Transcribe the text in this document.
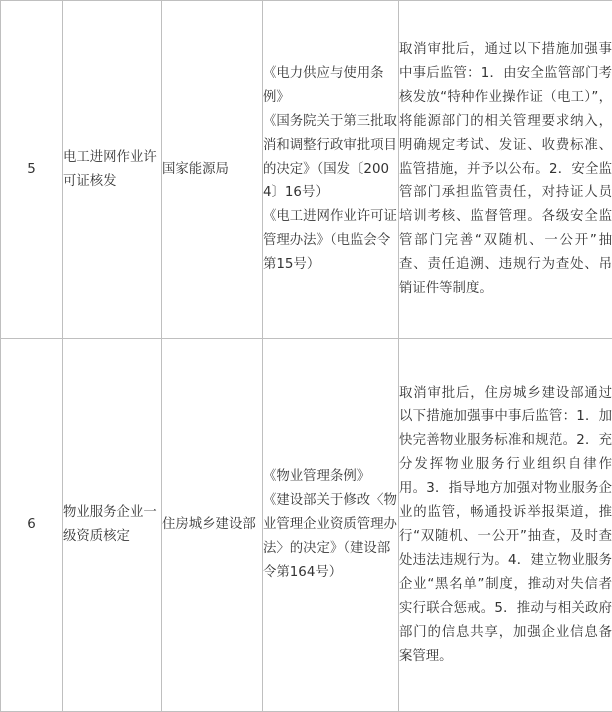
5	电工进网作业许可证核发	国家能源局	《电力供应与使用条例》
《国务院关于第三批取消和调整行政审批项目的决定》（国发〔2004〕16号）
《电工进网作业许可证管理办法》（电监会令第15号）	取消审批后，通过以下措施加强事中事后监管：1．由安全监管部门考核发放“特种作业操作证（电工）”，将能源部门的相关管理要求纳入，明确规定考试、发证、收费标准、监管措施，并予以公布。2．安全监管部门承担监管责任，对持证人员培训考核、监督管理。各级安全监管部门完善“双随机、一公开”抽查、责任追溯、违规行为查处、吊销证件等制度。

6	物业服务企业一级资质核定	住房城乡建设部	《物业管理条例》
《建设部关于修改〈物业管理企业资质管理办法〉的决定》（建设部令第164号）	取消审批后，住房城乡建设部通过以下措施加强事中事后监管：1．加快完善物业服务标准和规范。2．充分发挥物业服务行业组织自律作用。3．指导地方加强对物业服务企业的监管，畅通投诉举报渠道，推行“双随机、一公开”抽查，及时查处违法违规行为。4．建立物业服务企业“黑名单”制度，推动对失信者实行联合惩戒。5．推动与相关政府部门的信息共享，加强企业信息备案管理。
